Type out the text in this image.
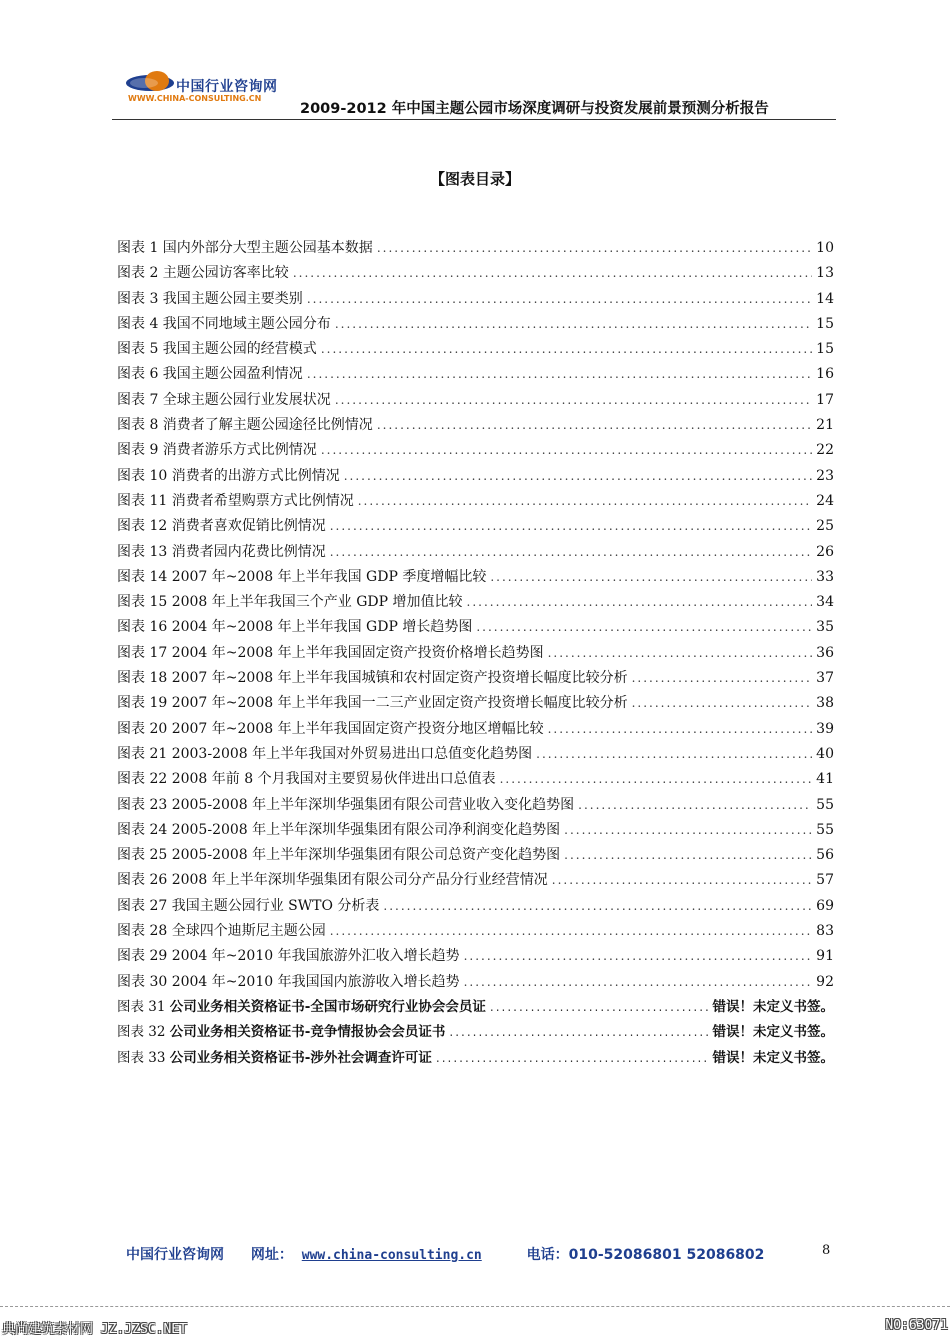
中国行业咨询网
WWW.CHINA-CONSULTING.CN
2009-2012 年中国主题公园市场深度调研与投资发展前景预测分析报告
【图表目录】
图表 1 国内外部分大型主题公园基本数据 .....	10
图表 2 主题公园访客率比较 .....	13
图表 3 我国主题公园主要类别 .....	14
图表 4 我国不同地域主题公园分布 .....	15
图表 5 我国主题公园的经营模式 .....	15
图表 6 我国主题公园盈利情况 .....	16
图表 7 全球主题公园行业发展状况 .....	17
图表 8 消费者了解主题公园途径比例情况 .....	21
图表 9 消费者游乐方式比例情况 .....	22
图表 10 消费者的出游方式比例情况 .....	23
图表 11 消费者希望购票方式比例情况 .....	24
图表 12 消费者喜欢促销比例情况 .....	25
图表 13 消费者园内花费比例情况 .....	26
图表 14 2007 年~2008 年上半年我国 GDP 季度增幅比较 .....	33
图表 15 2008 年上半年我国三个产业 GDP 增加值比较 .....	34
图表 16 2004 年~2008 年上半年我国 GDP 增长趋势图 .....	35
图表 17 2004 年~2008 年上半年我国固定资产投资价格增长趋势图 .....	36
图表 18 2007 年~2008 年上半年我国城镇和农村固定资产投资增长幅度比较分析 .....	37
图表 19 2007 年~2008 年上半年我国一二三产业固定资产投资增长幅度比较分析 .....	38
图表 20 2007 年~2008 年上半年我国固定资产投资分地区增幅比较 .....	39
图表 21 2003-2008 年上半年我国对外贸易进出口总值变化趋势图 .....	40
图表 22 2008 年前 8 个月我国对主要贸易伙伴进出口总值表 .....	41
图表 23 2005-2008 年上半年深圳华强集团有限公司营业收入变化趋势图 .....	55
图表 24 2005-2008 年上半年深圳华强集团有限公司净利润变化趋势图 .....	55
图表 25 2005-2008 年上半年深圳华强集团有限公司总资产变化趋势图 .....	56
图表 26 2008 年上半年深圳华强集团有限公司分产品分行业经营情况 .....	57
图表 27 我国主题公园行业 SWTO 分析表 .....	69
图表 28 全球四个迪斯尼主题公园 .....	83
图表 29 2004 年~2010 年我国旅游外汇收入增长趋势 .....	91
图表 30 2004 年~2010 年我国国内旅游收入增长趋势 .....	92
图表 31 公司业务相关资格证书-全国市场研究行业协会会员证 .....	错误！未定义书签。
图表 32 公司业务相关资格证书-竞争情报协会会员证书 .....	错误！未定义书签。
图表 33 公司业务相关资格证书-涉外社会调查许可证 .....	错误！未定义书签。
中国行业咨询网 网址： www.china-consulting.cn	电话：010-52086801 52086802	8
典尚建筑素材网 JZ.JZSC.NET	NO:63071
